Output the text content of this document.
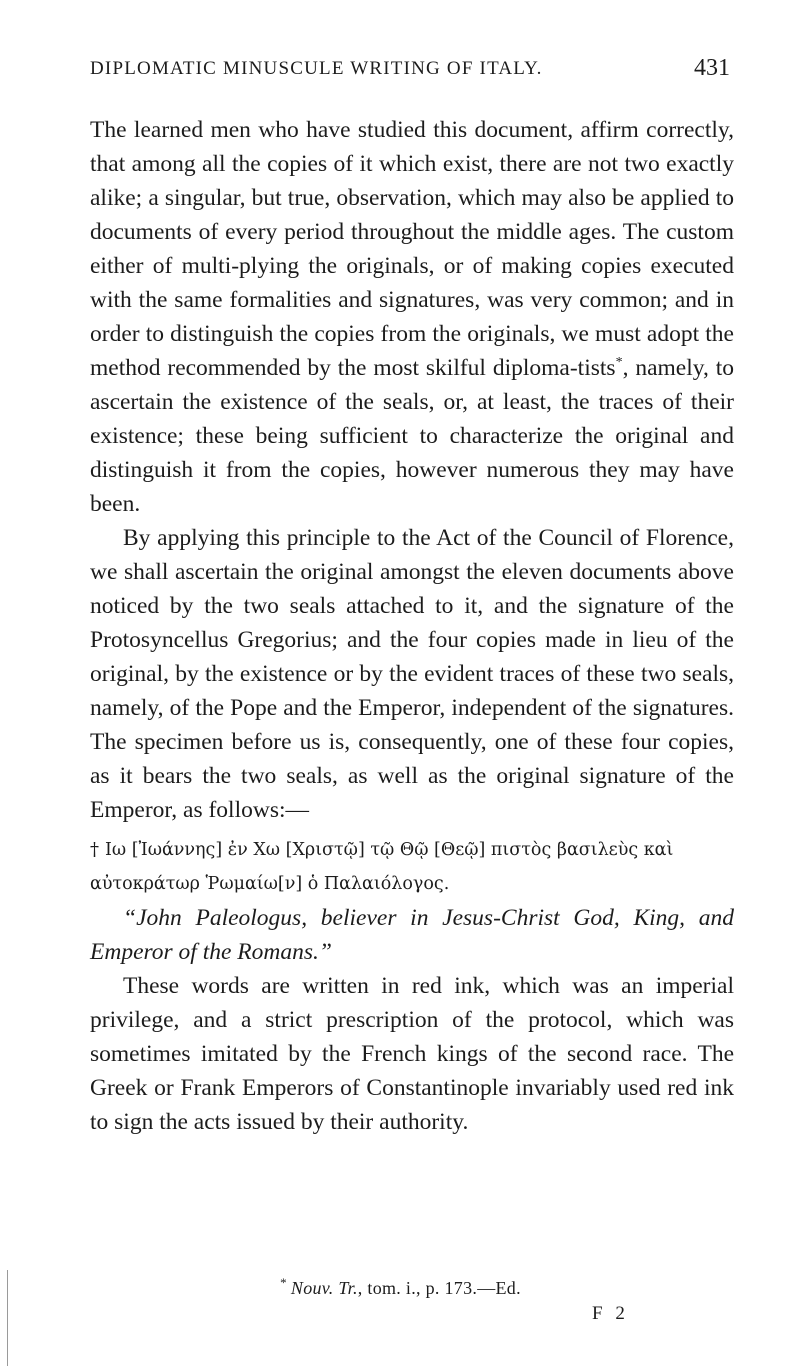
DIPLOMATIC MINUSCULE WRITING OF ITALY.	431

The learned men who have studied this document, affirm correctly, that among all the copies of it which exist, there are not two exactly alike; a singular, but true, observation, which may also be applied to documents of every period throughout the middle ages. The custom either of multi-plying the originals, or of making copies executed with the same formalities and signatures, was very common; and in order to distinguish the copies from the originals, we must adopt the method recommended by the most skilful diploma-tists*, namely, to ascertain the existence of the seals, or, at least, the traces of their existence; these being sufficient to characterize the original and distinguish it from the copies, however numerous they may have been.

By applying this principle to the Act of the Council of Florence, we shall ascertain the original amongst the eleven documents above noticed by the two seals attached to it, and the signature of the Protosyncellus Gregorius; and the four copies made in lieu of the original, by the existence or by the evident traces of these two seals, namely, of the Pope and the Emperor, independent of the signatures. The specimen before us is, consequently, one of these four copies, as it bears the two seals, as well as the original signature of the Emperor, as follows:—

† Ιω [Ἰωάννης] ἐν Χω [Χριστῷ] τῷ Θῷ [Θεῷ] πιστὸς βασιλεὺς καὶ αὐτοκράτωρ Ῥωμαίω[ν] ὁ Παλαιόλογος.

“John Paleologus, believer in Jesus-Christ God, King, and Emperor of the Romans.”

These words are written in red ink, which was an imperial privilege, and a strict prescription of the protocol, which was sometimes imitated by the French kings of the second race. The Greek or Frank Emperors of Constantinople invariably used red ink to sign the acts issued by their authority.

* Nouv. Tr., tom. i., p. 173.—Ed.
F 2
